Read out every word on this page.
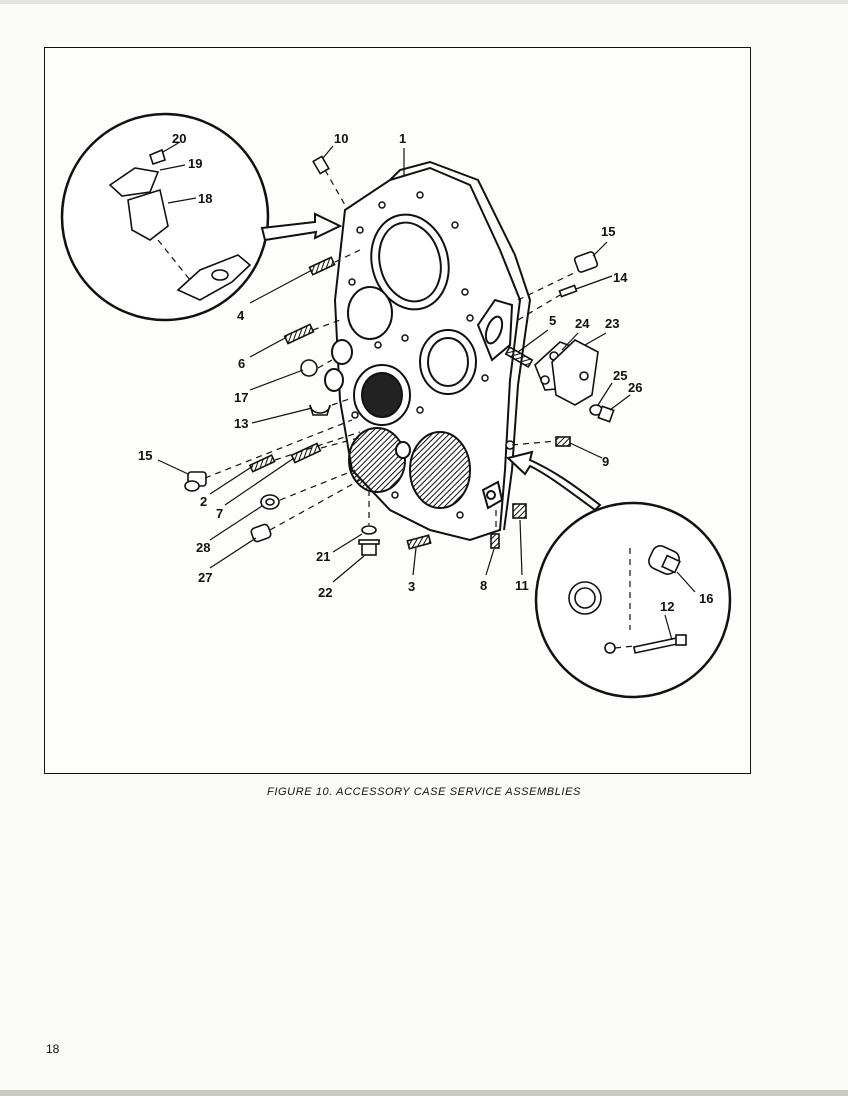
1
10
20
19
18
4
6
17
13
15
2
7
28
27
21
22	3	8 11
9
15
14
5 24 23
25
26
16
12
FIGURE 10. ACCESSORY CASE SERVICE ASSEMBLIES
18
